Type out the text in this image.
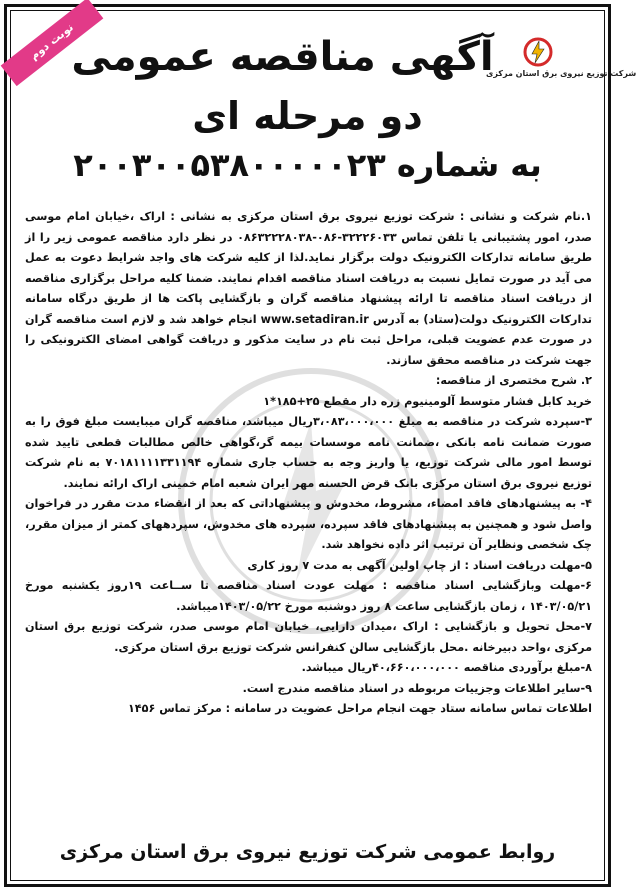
نوبت دوم
شرکت توزیع نیروی برق استان مرکزی
آگهی مناقصه عمومی
دو مرحله ای
به شماره ۲۰۰۳۰۰۵۳۸۰۰۰۰۰۲۳

۱.نام شرکت و نشانی : شرکت توزیع نیروی برق استان مرکزی به نشانی : اراک ،خیابان امام موسی صدر، امور پشتیبانی یا تلفن تماس ۳۲۲۲۶۰۳۳-۰۸۶-۰۸۶۳۲۲۲۸۰۳۸ در نظر دارد مناقصه عمومی زیر را از طریق سامانه تدارکات الکترونیک دولت برگزار نماید.لذا از کلیه شرکت های واجد شرایط دعوت به عمل می آید در صورت تمایل نسبت به دریافت اسناد مناقصه اقدام نمایند. ضمنا کلیه مراحل برگزاری مناقصه از دریافت اسناد مناقصه تا ارائه پیشنهاد مناقصه گران و بازگشایی پاکت ها از طریق درگاه سامانه تدارکات الکترونیک دولت(ستاد) به آدرس www.setadiran.ir انجام خواهد شد و لازم است مناقصه گران در صورت عدم عضویت قبلی، مراحل ثبت نام در سایت مذکور و دریافت گواهی امضای الکترونیکی را جهت شرکت در مناقصه محقق سازند.

۲. شرح مختصری از مناقصه:

خرید کابل فشار متوسط آلومینیوم زره دار مقطع ۲۵+۱۸۵*۱

۳-سپرده شرکت در مناقصه به مبلغ ۳،۰۸۳،۰۰۰،۰۰۰ریال میباشد، مناقصه گران میبایست مبلغ فوق را به صورت ضمانت نامه بانکی ،ضمانت نامه موسسات بیمه گر،گواهی خالص مطالبات قطعی تایید شده توسط امور مالی شرکت توزیع، یا واریز وجه به حساب جاری شماره ۷۰۱۸۱۱۱۱۳۳۱۱۹۴ به نام شرکت توزیع نیروی برق استان مرکزی بانک قرض الحسنه مهر ایران شعبه امام خمینی اراک ارائه نمایند.

۴- به پیشنهادهای فاقد امضاء، مشروط، مخدوش و پیشنهاداتی که بعد از انقضاء مدت مقرر در فراخوان واصل شود و همچنین به پیشنهادهای فاقد سپرده، سپرده های مخدوش، سپردههای کمتر از میزان مقرر، چک شخصی ونظایر آن ترتیب اثر داده نخواهد شد.

۵-مهلت دریافت اسناد : از چاپ اولین آگهی به مدت ۷ روز کاری

۶-مهلت وبازگشایی اسناد مناقصه : مهلت عودت اسناد مناقصه تا ســاعت ۱۹روز یکشنبه مورخ ۱۴۰۳/۰۵/۲۱ ، زمان بازگشایی ساعت ۸ روز دوشنبه مورخ ۱۴۰۳/۰۵/۲۲میباشد.

۷-محل تحویل و بازگشایی : اراک ،میدان دارایی، خیابان امام موسی صدر، شرکت توزیع برق استان مرکزی ،واحد دبیرخانه .محل بازگشایی سالن کنفرانس شرکت توزیع برق استان مرکزی.

۸-مبلغ برآوردی مناقصه ۴۰،۶۶۰،۰۰۰،۰۰۰ریال میباشد.

۹-سایر اطلاعات وجزییات مربوطه در اسناد مناقصه مندرج است.

اطلاعات تماس سامانه ستاد جهت انجام مراحل عضویت در سامانه : مرکز تماس ۱۴۵۶

روابط عمومی شرکت توزیع نیروی برق استان مرکزی
